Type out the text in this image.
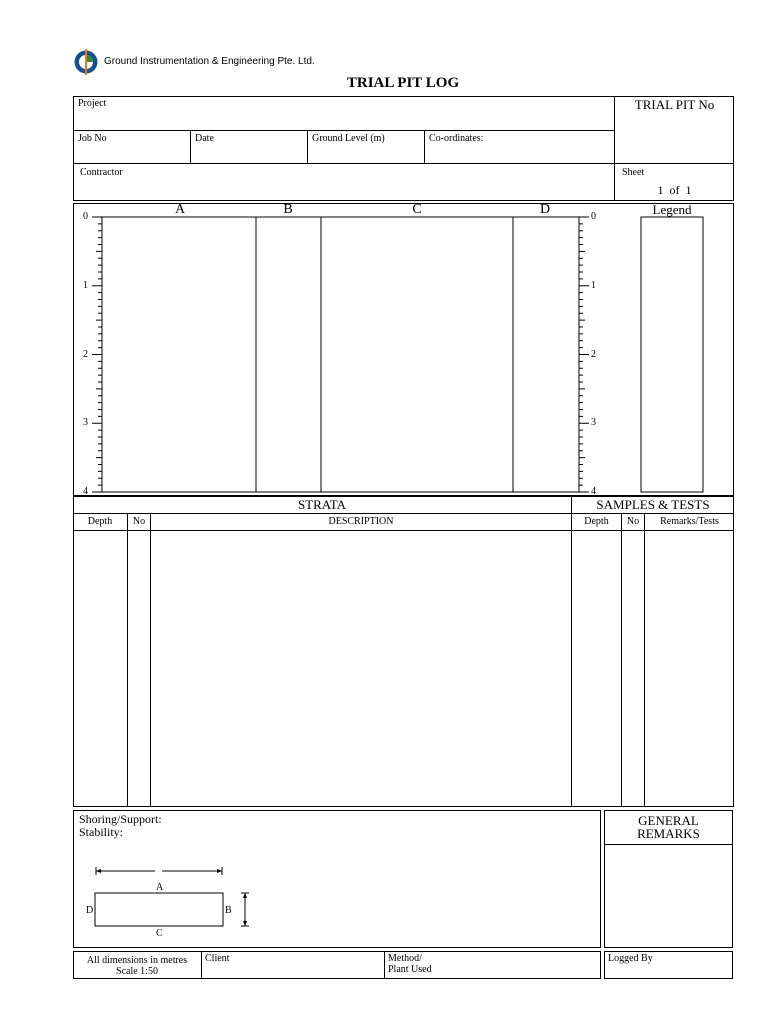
Ground Instrumentation & Engineering Pte. Ltd.
TRIAL PIT LOG
Project	TRIAL PIT No
Job No	Date	Ground Level (m)	Co-ordinates:
Contractor	Sheet
1  of  1
A	B	C	D	Legend
0	0
1	1
2	2
3	3
4	4
STRATA	SAMPLES & TESTS
Depth	No	DESCRIPTION	Depth	No	Remarks/Tests
Shoring/Support:
Stability:
A
B
C
D
GENERAL
REMARKS
All dimensions in metres
Scale 1:50
Client	Method/
Plant Used
Logged By
